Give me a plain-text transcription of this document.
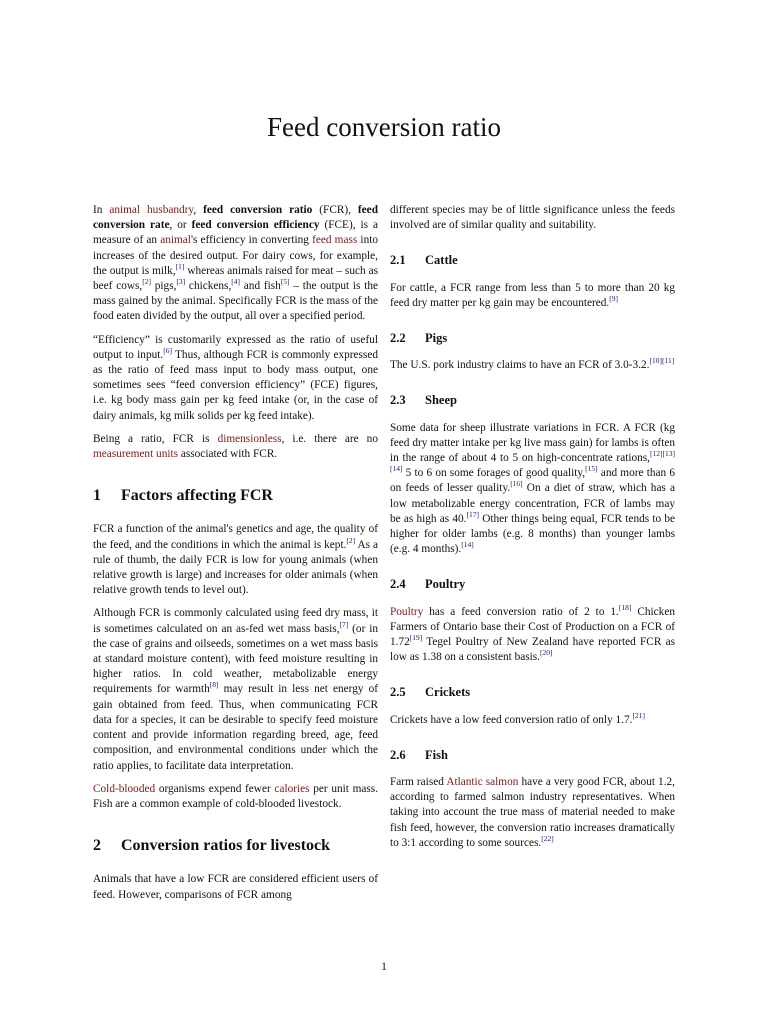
Feed conversion ratio

In animal husbandry, feed conversion ratio (FCR), feed conversion rate, or feed conversion efficiency (FCE), is a measure of an animal's efficiency in converting feed mass into increases of the desired output. For dairy cows, for example, the output is milk,[1] whereas animals raised for meat – such as beef cows,[2] pigs,[3] chickens,[4] and fish[5] – the output is the mass gained by the animal. Specifically FCR is the mass of the food eaten divided by the output, all over a specified period.

“Efficiency” is customarily expressed as the ratio of useful output to input.[6] Thus, although FCR is commonly expressed as the ratio of feed mass input to body mass output, one sometimes sees “feed conversion efficiency” (FCE) figures, i.e. kg body mass gain per kg feed intake (or, in the case of dairy animals, kg milk solids per kg feed intake).

Being a ratio, FCR is dimensionless, i.e. there are no measurement units associated with FCR.

1 Factors affecting FCR

FCR a function of the animal's genetics and age, the quality of the feed, and the conditions in which the animal is kept.[2] As a rule of thumb, the daily FCR is low for young animals (when relative growth is large) and increases for older animals (when relative growth tends to level out).

Although FCR is commonly calculated using feed dry mass, it is sometimes calculated on an as-fed wet mass basis,[7] (or in the case of grains and oilseeds, sometimes on a wet mass basis at standard moisture content), with feed moisture resulting in higher ratios. In cold weather, metabolizable energy requirements for warmth[8] may result in less net energy of gain obtained from feed. Thus, when communicating FCR data for a species, it can be desirable to specify feed moisture content and provide information regarding breed, age, feed composition, and environmental conditions under which the ratio applies, to facilitate data interpretation.

Cold-blooded organisms expend fewer calories per unit mass. Fish are a common example of cold-blooded livestock.

2 Conversion ratios for livestock

Animals that have a low FCR are considered efficient users of feed. However, comparisons of FCR among

different species may be of little significance unless the feeds involved are of similar quality and suitability.

2.1 Cattle

For cattle, a FCR range from less than 5 to more than 20 kg feed dry matter per kg gain may be encountered.[9]

2.2 Pigs

The U.S. pork industry claims to have an FCR of 3.0-3.2.[10][11]

2.3 Sheep

Some data for sheep illustrate variations in FCR. A FCR (kg feed dry matter intake per kg live mass gain) for lambs is often in the range of about 4 to 5 on high-concentrate rations,[12][13][14] 5 to 6 on some forages of good quality,[15] and more than 6 on feeds of lesser quality.[16] On a diet of straw, which has a low metabolizable energy concentration, FCR of lambs may be as high as 40.[17] Other things being equal, FCR tends to be higher for older lambs (e.g. 8 months) than younger lambs (e.g. 4 months).[14]

2.4 Poultry

Poultry has a feed conversion ratio of 2 to 1.[18] Chicken Farmers of Ontario base their Cost of Production on a FCR of 1.72[19] Tegel Poultry of New Zealand have reported FCR as low as 1.38 on a consistent basis.[20]

2.5 Crickets

Crickets have a low feed conversion ratio of only 1.7.[21]

2.6 Fish

Farm raised Atlantic salmon have a very good FCR, about 1.2, according to farmed salmon industry representatives. When taking into account the true mass of material needed to make fish feed, however, the conversion ratio increases dramatically to 3:1 according to some sources.[22]

1
